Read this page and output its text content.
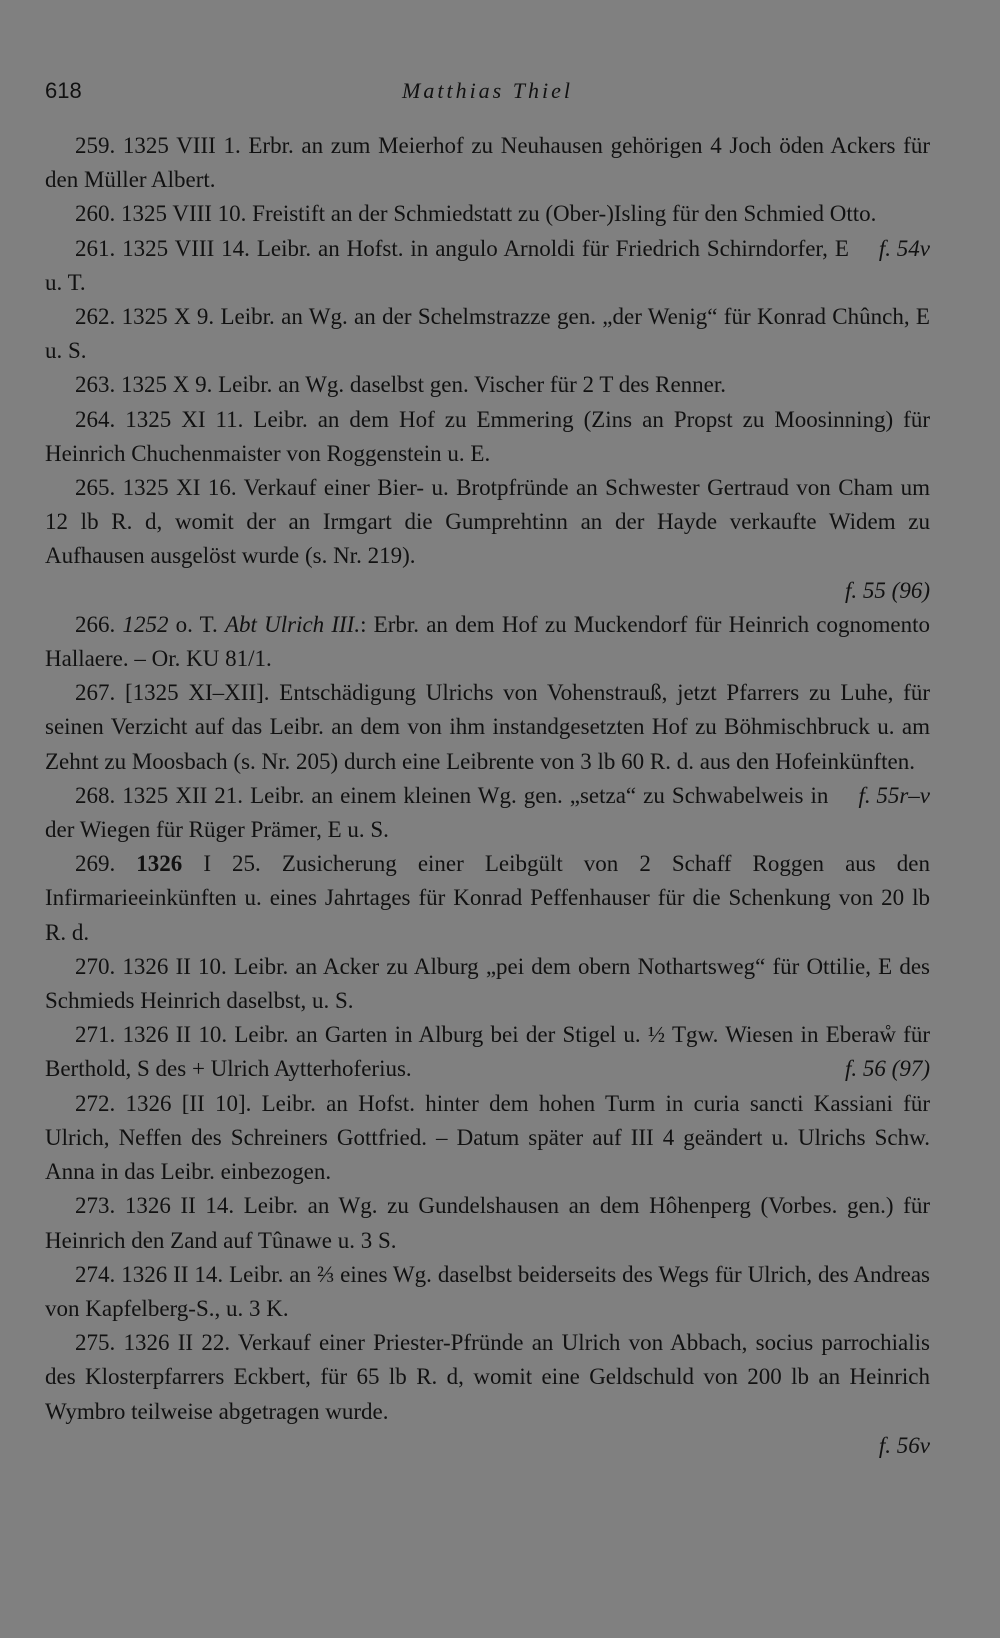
618	Matthias Thiel

259. 1325 VIII 1. Erbr. an zum Meierhof zu Neuhausen gehörigen 4 Joch öden Ackers für den Müller Albert.

260. 1325 VIII 10. Freistift an der Schmiedstatt zu (Ober-)Isling für den Schmied Otto.
f. 54v

261. 1325 VIII 14. Leibr. an Hofst. in angulo Arnoldi für Friedrich Schirndorfer, E u. T.

262. 1325 X 9. Leibr. an Wg. an der Schelmstrazze gen. „der Wenig“ für Konrad Chûnch, E u. S.

263. 1325 X 9. Leibr. an Wg. daselbst gen. Vischer für 2 T des Renner.

264. 1325 XI 11. Leibr. an dem Hof zu Emmering (Zins an Propst zu Moosinning) für Heinrich Chuchenmaister von Roggenstein u. E.

265. 1325 XI 16. Verkauf einer Bier- u. Brotpfründe an Schwester Gertraud von Cham um 12 lb R. d, womit der an Irmgart die Gumprehtinn an der Hayde verkaufte Widem zu Aufhausen ausgelöst wurde (s. Nr. 219).

f. 55 (96)

266. 1252 o. T. Abt Ulrich III.: Erbr. an dem Hof zu Muckendorf für Heinrich cognomento Hallaere. – Or. KU 81/1.

267. [1325 XI–XII]. Entschädigung Ulrichs von Vohenstrauß, jetzt Pfarrers zu Luhe, für seinen Verzicht auf das Leibr. an dem von ihm instandgesetzten Hof zu Böhmischbruck u. am Zehnt zu Moosbach (s. Nr. 205) durch eine Leibrente von 3 lb 60 R. d. aus den Hofeinkünften.
f. 55r–v

268. 1325 XII 21. Leibr. an einem kleinen Wg. gen. „setza“ zu Schwabelweis in der Wiegen für Rüger Prämer, E u. S.

269. 1326 I 25. Zusicherung einer Leibgült von 2 Schaff Roggen aus den Infirmarieeinkünften u. eines Jahrtages für Konrad Peffenhauser für die Schenkung von 20 lb R. d.

270. 1326 II 10. Leibr. an Acker zu Alburg „pei dem obern Nothartsweg“ für Ottilie, E des Schmieds Heinrich daselbst, u. S.

271. 1326 II 10. Leibr. an Garten in Alburg bei der Stigel u. ½ Tgw. Wiesen in Eberaẘ für Berthold, S des + Ulrich Aytterhoferius.	f. 56 (97)

272. 1326 [II 10]. Leibr. an Hofst. hinter dem hohen Turm in curia sancti Kassiani für Ulrich, Neffen des Schreiners Gottfried. – Datum später auf III 4 geändert u. Ulrichs Schw. Anna in das Leibr. einbezogen.

273. 1326 II 14. Leibr. an Wg. zu Gundelshausen an dem Hôhenperg (Vorbes. gen.) für Heinrich den Zand auf Tûnawe u. 3 S.

274. 1326 II 14. Leibr. an ⅔ eines Wg. daselbst beiderseits des Wegs für Ulrich, des Andreas von Kapfelberg-S., u. 3 K.

275. 1326 II 22. Verkauf einer Priester-Pfründe an Ulrich von Abbach, socius parrochialis des Klosterpfarrers Eckbert, für 65 lb R. d, womit eine Geldschuld von 200 lb an Heinrich Wymbro teilweise abgetragen wurde.

f. 56v
